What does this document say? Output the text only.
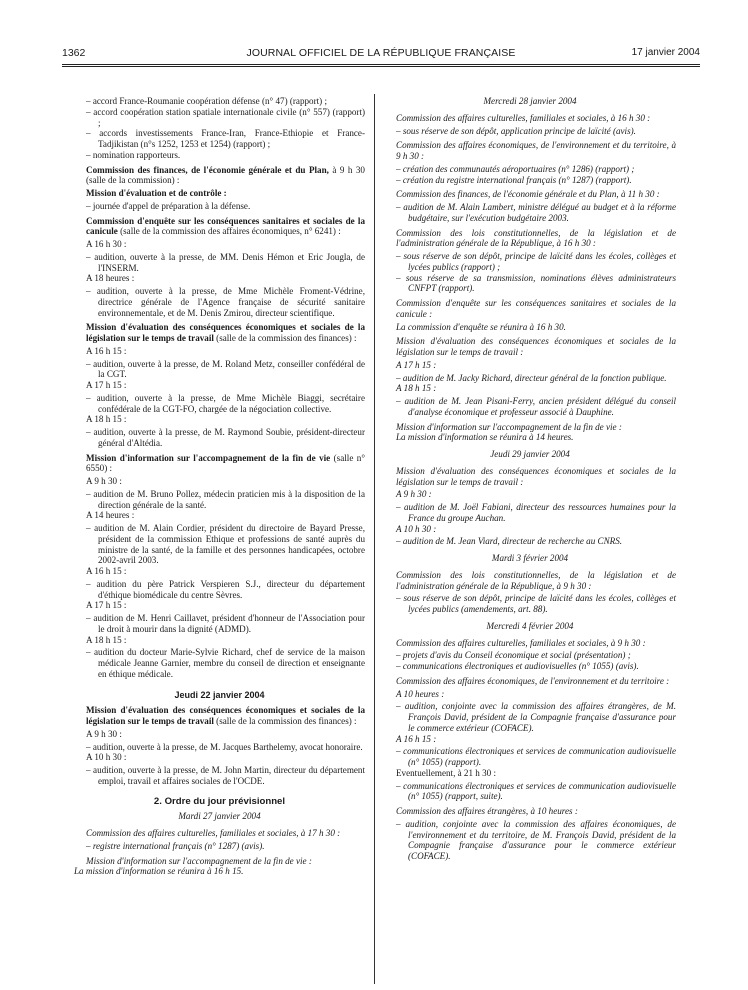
1362	JOURNAL OFFICIEL DE LA RÉPUBLIQUE FRANÇAISE	17 janvier 2004

– accord France-Roumanie coopération défense (n° 47) (rapport) ;

– accord coopération station spatiale internationale civile (n° 557) (rapport) ;

– accords investissements France-Iran, France-Ethiopie et France-Tadjikistan (n°s 1252, 1253 et 1254) (rapport) ;

– nomination rapporteurs.

Commission des finances, de l'économie générale et du Plan, à 9 h 30 (salle de la commission) :

Mission d'évaluation et de contrôle :

– journée d'appel de préparation à la défense.

Commission d'enquête sur les conséquences sanitaires et sociales de la canicule (salle de la commission des affaires économiques, n° 6241) :

A 16 h 30 :

– audition, ouverte à la presse, de MM. Denis Hémon et Eric Jougla, de l'INSERM.

A 18 heures :

– audition, ouverte à la presse, de Mme Michèle Froment-Védrine, directrice générale de l'Agence française de sécurité sanitaire environnementale, et de M. Denis Zmirou, directeur scientifique.

Mission d'évaluation des conséquences économiques et sociales de la législation sur le temps de travail (salle de la commission des finances) :

A 16 h 15 :

– audition, ouverte à la presse, de M. Roland Metz, conseiller confédéral de la CGT.

A 17 h 15 :

– audition, ouverte à la presse, de Mme Michèle Biaggi, secrétaire confédérale de la CGT-FO, chargée de la négociation collective.

A 18 h 15 :

– audition, ouverte à la presse, de M. Raymond Soubie, président-directeur général d'Altédia.

Mission d'information sur l'accompagnement de la fin de vie (salle n° 6550) :

A 9 h 30 :

– audition de M. Bruno Pollez, médecin praticien mis à la disposition de la direction générale de la santé.

A 14 heures :

– audition de M. Alain Cordier, président du directoire de Bayard Presse, président de la commission Ethique et professions de santé auprès du ministre de la santé, de la famille et des personnes handicapées, octobre 2002-avril 2003.

A 16 h 15 :

– audition du père Patrick Verspieren S.J., directeur du département d'éthique biomédicale du centre Sèvres.

A 17 h 15 :

– audition de M. Henri Caillavet, président d'honneur de l'Association pour le droit à mourir dans la dignité (ADMD).

A 18 h 15 :

– audition du docteur Marie-Sylvie Richard, chef de service de la maison médicale Jeanne Garnier, membre du conseil de direction et enseignante en éthique médicale.

Jeudi 22 janvier 2004

Mission d'évaluation des conséquences économiques et sociales de la législation sur le temps de travail (salle de la commission des finances) :

A 9 h 30 :

– audition, ouverte à la presse, de M. Jacques Barthelemy, avocat honoraire.

A 10 h 30 :

– audition, ouverte à la presse, de M. John Martin, directeur du département emploi, travail et affaires sociales de l'OCDE.

2. Ordre du jour prévisionnel

Mardi 27 janvier 2004

Commission des affaires culturelles, familiales et sociales, à 17 h 30 :

– registre international français (n° 1287) (avis).

Mission d'information sur l'accompagnement de la fin de vie :

La mission d'information se réunira à 16 h 15.

Mercredi 28 janvier 2004

Commission des affaires culturelles, familiales et sociales, à 16 h 30 :

– sous réserve de son dépôt, application principe de laïcité (avis).

Commission des affaires économiques, de l'environnement et du territoire, à 9 h 30 :

– création des communautés aéroportuaires (n° 1286) (rapport) ;

– création du registre international français (n° 1287) (rapport).

Commission des finances, de l'économie générale et du Plan, à 11 h 30 :

– audition de M. Alain Lambert, ministre délégué au budget et à la réforme budgétaire, sur l'exécution budgétaire 2003.

Commission des lois constitutionnelles, de la législation et de l'administration générale de la République, à 16 h 30 :

– sous réserve de son dépôt, principe de laïcité dans les écoles, collèges et lycées publics (rapport) ;

– sous réserve de sa transmission, nominations élèves administrateurs CNFPT (rapport).

Commission d'enquête sur les conséquences sanitaires et sociales de la canicule :

La commission d'enquête se réunira à 16 h 30.

Mission d'évaluation des conséquences économiques et sociales de la législation sur le temps de travail :

A 17 h 15 :

– audition de M. Jacky Richard, directeur général de la fonction publique.

A 18 h 15 :

– audition de M. Jean Pisani-Ferry, ancien président délégué du conseil d'analyse économique et professeur associé à Dauphine.

Mission d'information sur l'accompagnement de la fin de vie :

La mission d'information se réunira à 14 heures.

Jeudi 29 janvier 2004

Mission d'évaluation des conséquences économiques et sociales de la législation sur le temps de travail :

A 9 h 30 :

– audition de M. Joël Fabiani, directeur des ressources humaines pour la France du groupe Auchan.

A 10 h 30 :

– audition de M. Jean Viard, directeur de recherche au CNRS.

Mardi 3 février 2004

Commission des lois constitutionnelles, de la législation et de l'administration générale de la République, à 9 h 30 :

– sous réserve de son dépôt, principe de laïcité dans les écoles, collèges et lycées publics (amendements, art. 88).

Mercredi 4 février 2004

Commission des affaires culturelles, familiales et sociales, à 9 h 30 :

– projets d'avis du Conseil économique et social (présentation) ;

– communications électroniques et audiovisuelles (n° 1055) (avis).

Commission des affaires économiques, de l'environnement et du territoire :

A 10 heures :

– audition, conjointe avec la commission des affaires étrangères, de M. François David, président de la Compagnie française d'assurance pour le commerce extérieur (COFACE).

A 16 h 15 :

– communications électroniques et services de communication audiovisuelle (n° 1055) (rapport).

Eventuellement, à 21 h 30 :

– communications électroniques et services de communication audiovisuelle (n° 1055) (rapport, suite).

Commission des affaires étrangères, à 10 heures :

– audition, conjointe avec la commission des affaires économiques, de l'environnement et du territoire, de M. François David, président de la Compagnie française d'assurance pour le commerce extérieur (COFACE).
